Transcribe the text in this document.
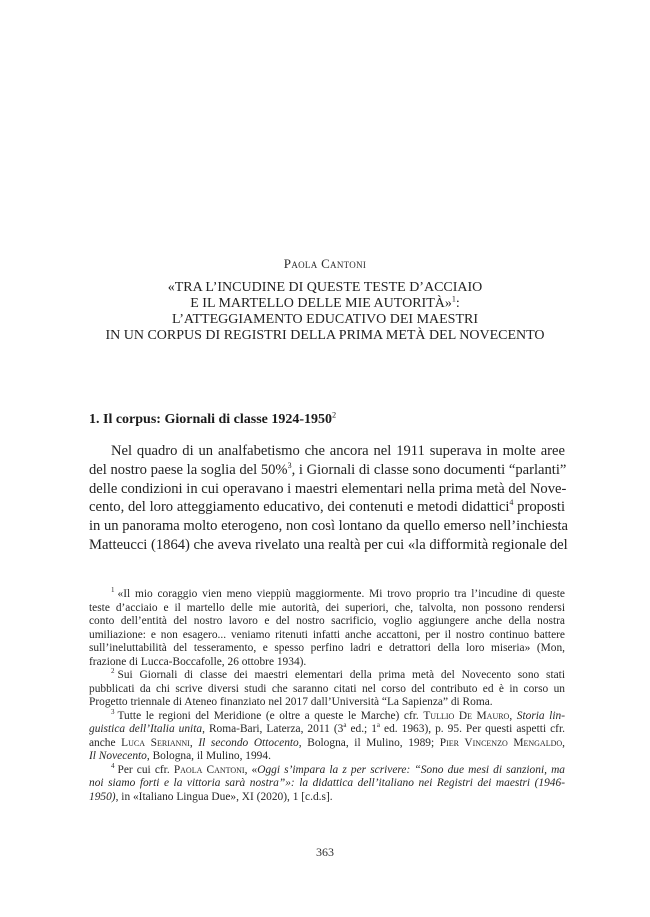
Paola Cantoni
«TRA L’INCUDINE DI QUESTE TESTE D’ACCIAIO
E IL MARTELLO DELLE MIE AUTORITÀ»$^1$:
L’ATTEGGIAMENTO EDUCATIVO DEI MAESTRI
IN UN CORPUS DI REGISTRI DELLA PRIMA METÀ DEL NOVECENTO
1. Il corpus: Giornali di classe 1924-1950$^2$
Nel quadro di un analfabetismo che ancora nel 1911 superava in molte aree
del nostro paese la soglia del 50%$^3$, i Giornali di classe sono documenti “parlanti”
delle condizioni in cui operavano i maestri elementari nella prima metà del Nove-
cento, del loro atteggiamento educativo, dei contenuti e metodi didattici$^4$ proposti
in un panorama molto eterogeno, non così lontano da quello emerso nell’inchiesta
Matteucci (1864) che aveva rivelato una realtà per cui «la difformità regionale del
$^1$ «Il mio coraggio vien meno vieppiù maggiormente. Mi trovo proprio tra l’incudine di queste
teste d’acciaio e il martello delle mie autorità, dei superiori, che, talvolta, non possono rendersi
conto dell’entità del nostro lavoro e del nostro sacrificio, voglio aggiungere anche della nostra
umiliazione: e non esagero... veniamo ritenuti infatti anche accattoni, per il nostro continuo battere
sull’ineluttabilità del tesseramento, e spesso perfino ladri e detrattori della loro miseria» (Mon,
frazione di Lucca-Boccafolle, 26 ottobre 1934).
$^2$ Sui Giornali di classe dei maestri elementari della prima metà del Novecento sono stati
pubblicati da chi scrive diversi studi che saranno citati nel corso del contributo ed è in corso un
Progetto triennale di Ateneo finanziato nel 2017 dall’Università “La Sapienza” di Roma.
$^3$ Tutte le regioni del Meridione (e oltre a queste le Marche) cfr. Tullio De Mauro, Storia lin-
guistica dell’Italia unita, Roma-Bari, Laterza, 2011 (3$^a$ ed.; 1$^a$ ed. 1963), p. 95. Per questi aspetti cfr.
anche Luca Serianni, Il secondo Ottocento, Bologna, il Mulino, 1989; Pier Vincenzo Mengaldo,
Il Novecento, Bologna, il Mulino, 1994.
$^4$ Per cui cfr. Paola Cantoni, «Oggi s’impara la z per scrivere: “Sono due mesi di sanzioni, ma
noi siamo forti e la vittoria sarà nostra”»: la didattica dell’italiano nei Registri dei maestri (1946-
1950), in «Italiano Lingua Due», XI (2020), 1 [c.d.s].
363
